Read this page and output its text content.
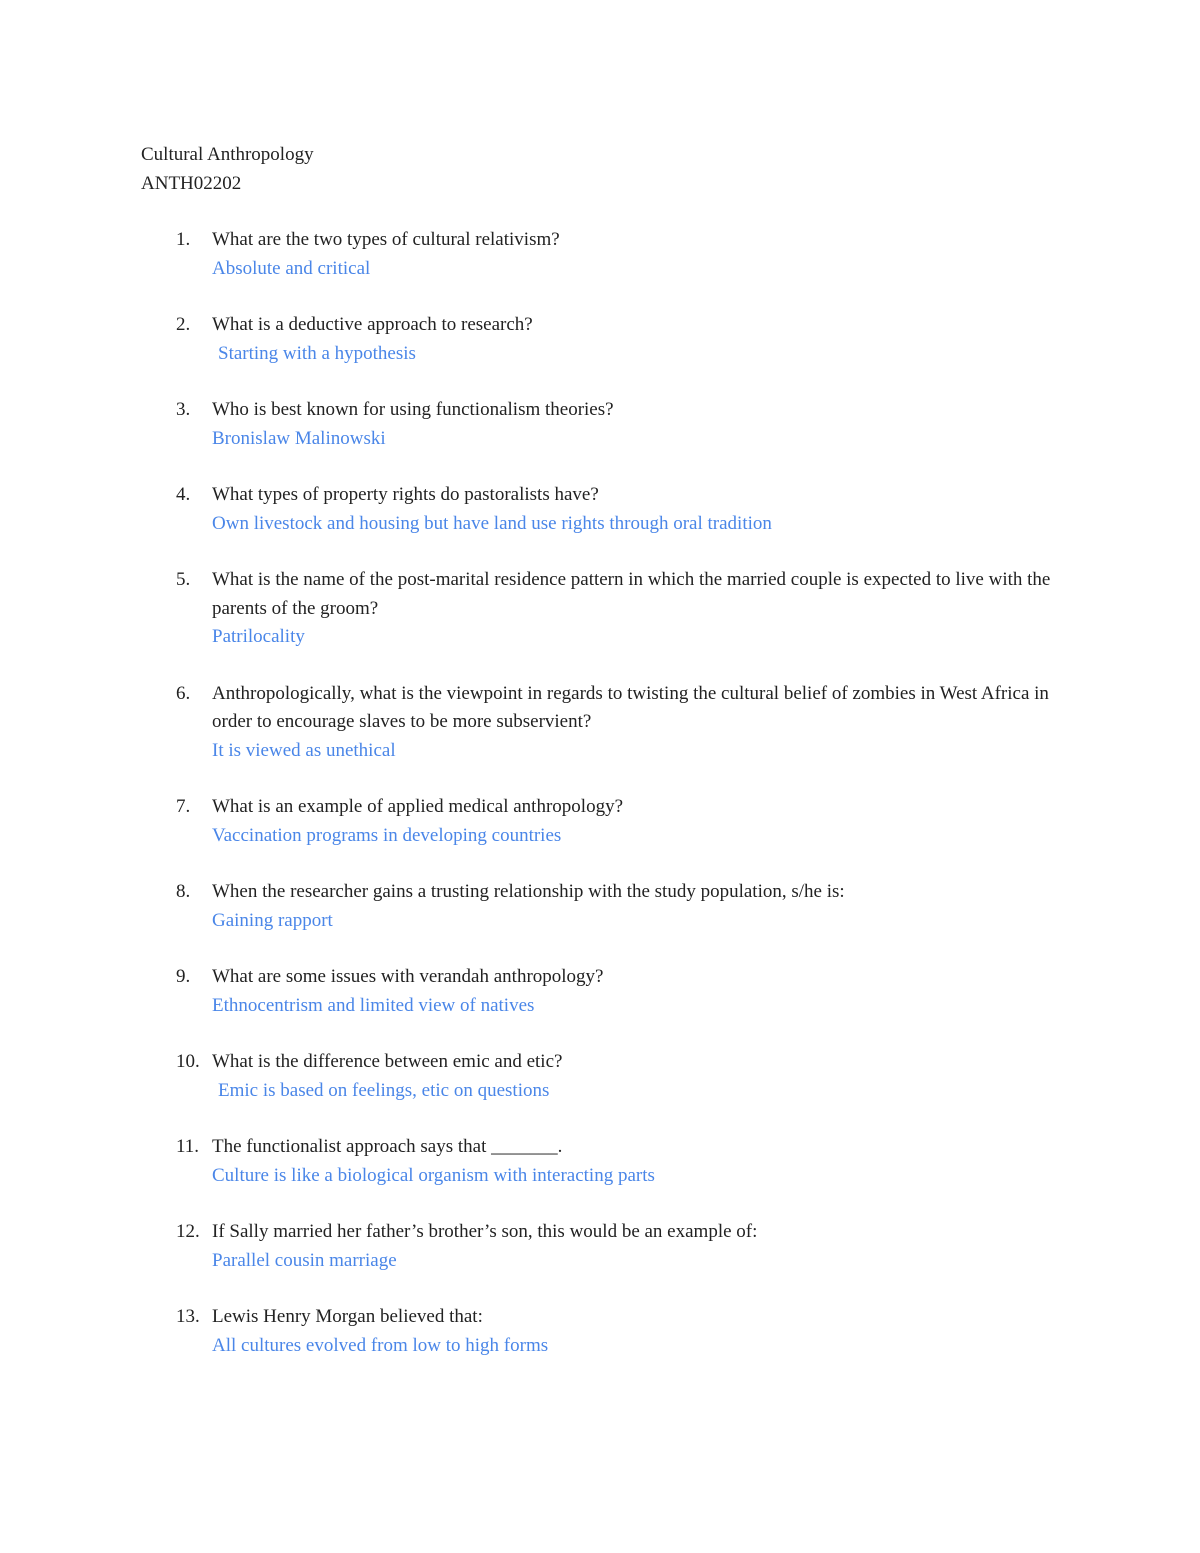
Cultural Anthropology
ANTH02202
1. What are the two types of cultural relativism?
Absolute and critical
2. What is a deductive approach to research?
Starting with a hypothesis
3. Who is best known for using functionalism theories?
Bronislaw Malinowski
4. What types of property rights do pastoralists have?
Own livestock and housing but have land use rights through oral tradition
5. What is the name of the post-marital residence pattern in which the married couple is expected to live with the parents of the groom?
Patrilocality
6. Anthropologically, what is the viewpoint in regards to twisting the cultural belief of zombies in West Africa in order to encourage slaves to be more subservient?
It is viewed as unethical
7. What is an example of applied medical anthropology?
Vaccination programs in developing countries
8. When the researcher gains a trusting relationship with the study population, s/he is:
Gaining rapport
9. What are some issues with verandah anthropology?
Ethnocentrism and limited view of natives
10. What is the difference between emic and etic?
Emic is based on feelings, etic on questions
11. The functionalist approach says that _______.
Culture is like a biological organism with interacting parts
12. If Sally married her father’s brother’s son, this would be an example of:
Parallel cousin marriage
13. Lewis Henry Morgan believed that:
All cultures evolved from low to high forms
